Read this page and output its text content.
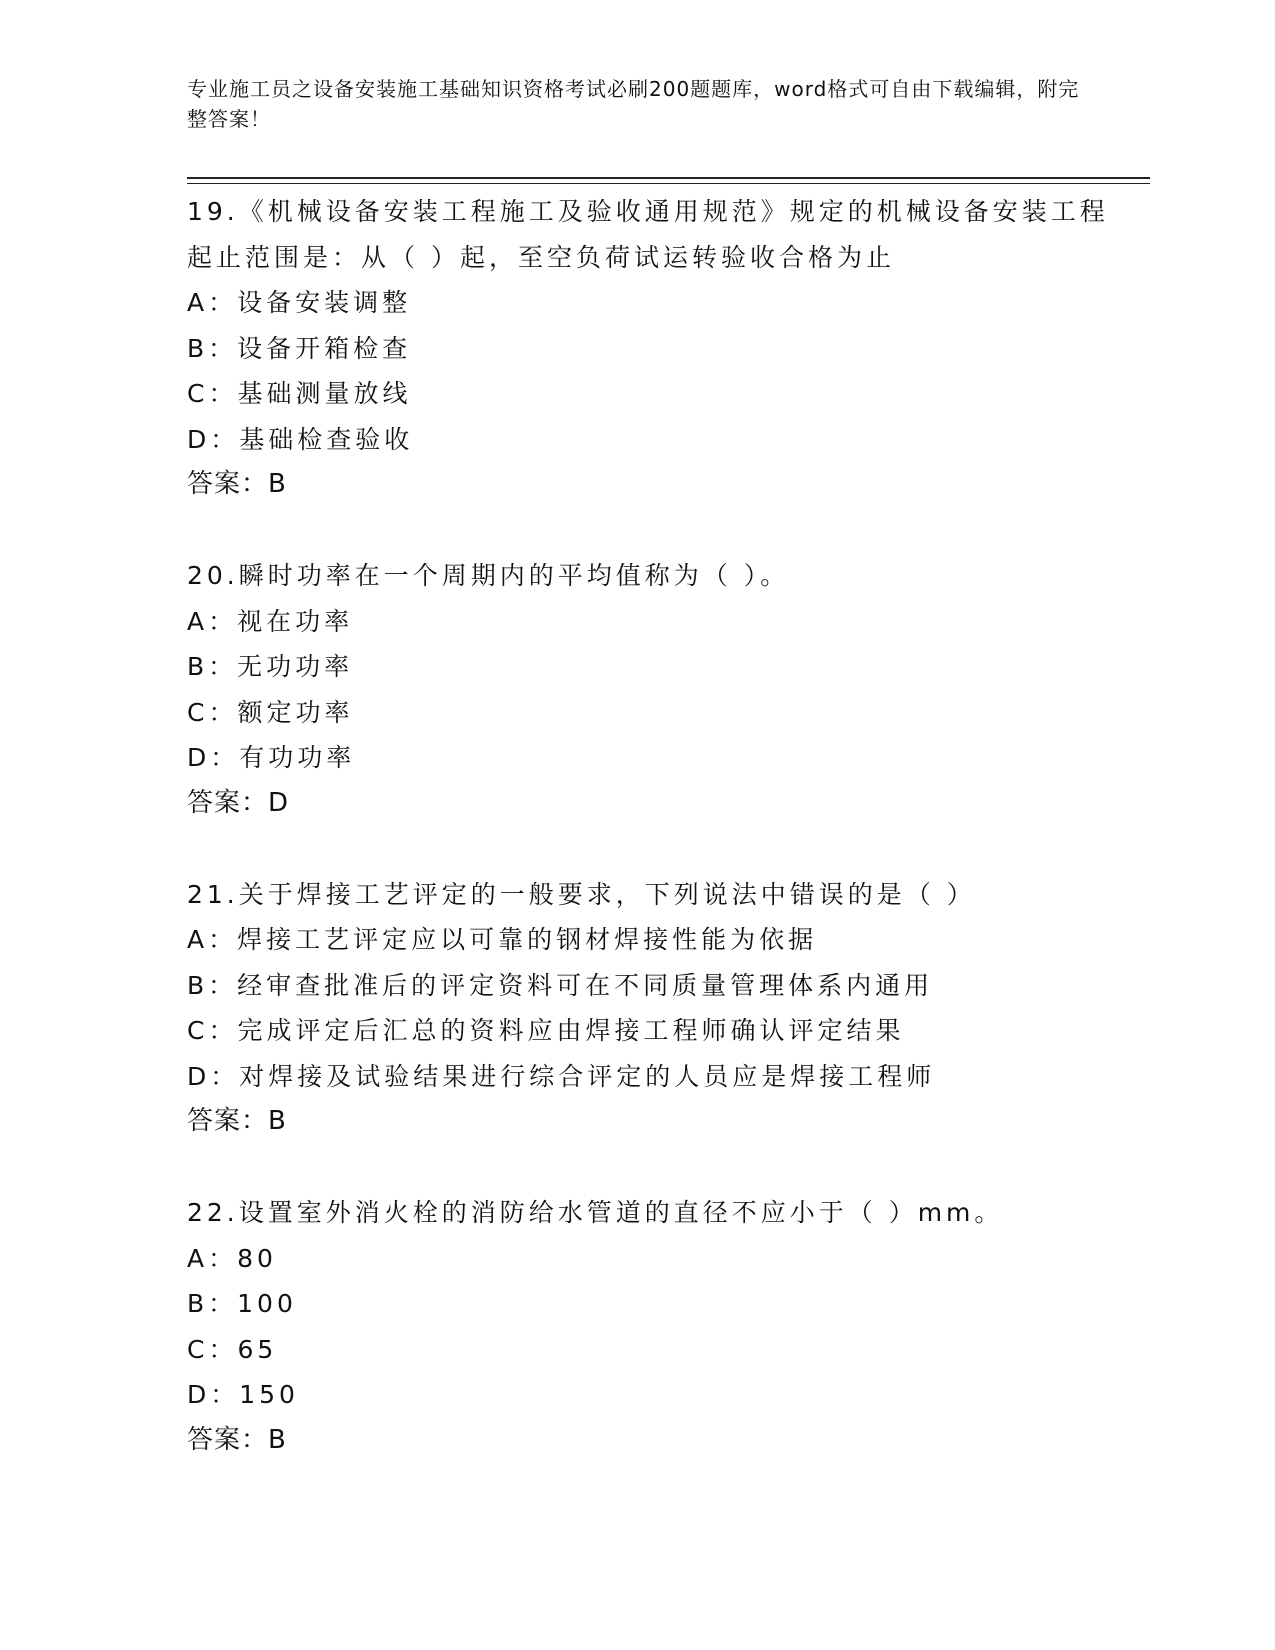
专业施工员之设备安装施工基础知识资格考试必刷200题题库，word格式可自由下载编辑，附完整答案！
19.《机械设备安装工程施工及验收通用规范》规定的机械设备安装工程起止范围是：从（ ）起，至空负荷试运转验收合格为止
A：设备安装调整
B：设备开箱检查
C：基础测量放线
D：基础检查验收
答案：B
20.瞬时功率在一个周期内的平均值称为（ ）。
A：视在功率
B：无功功率
C：额定功率
D：有功功率
答案：D
21.关于焊接工艺评定的一般要求，下列说法中错误的是（ ）
A：焊接工艺评定应以可靠的钢材焊接性能为依据
B：经审查批准后的评定资料可在不同质量管理体系内通用
C：完成评定后汇总的资料应由焊接工程师确认评定结果
D：对焊接及试验结果进行综合评定的人员应是焊接工程师
答案：B
22.设置室外消火栓的消防给水管道的直径不应小于（ ）mm。
A：80
B：100
C：65
D：150
答案：B
